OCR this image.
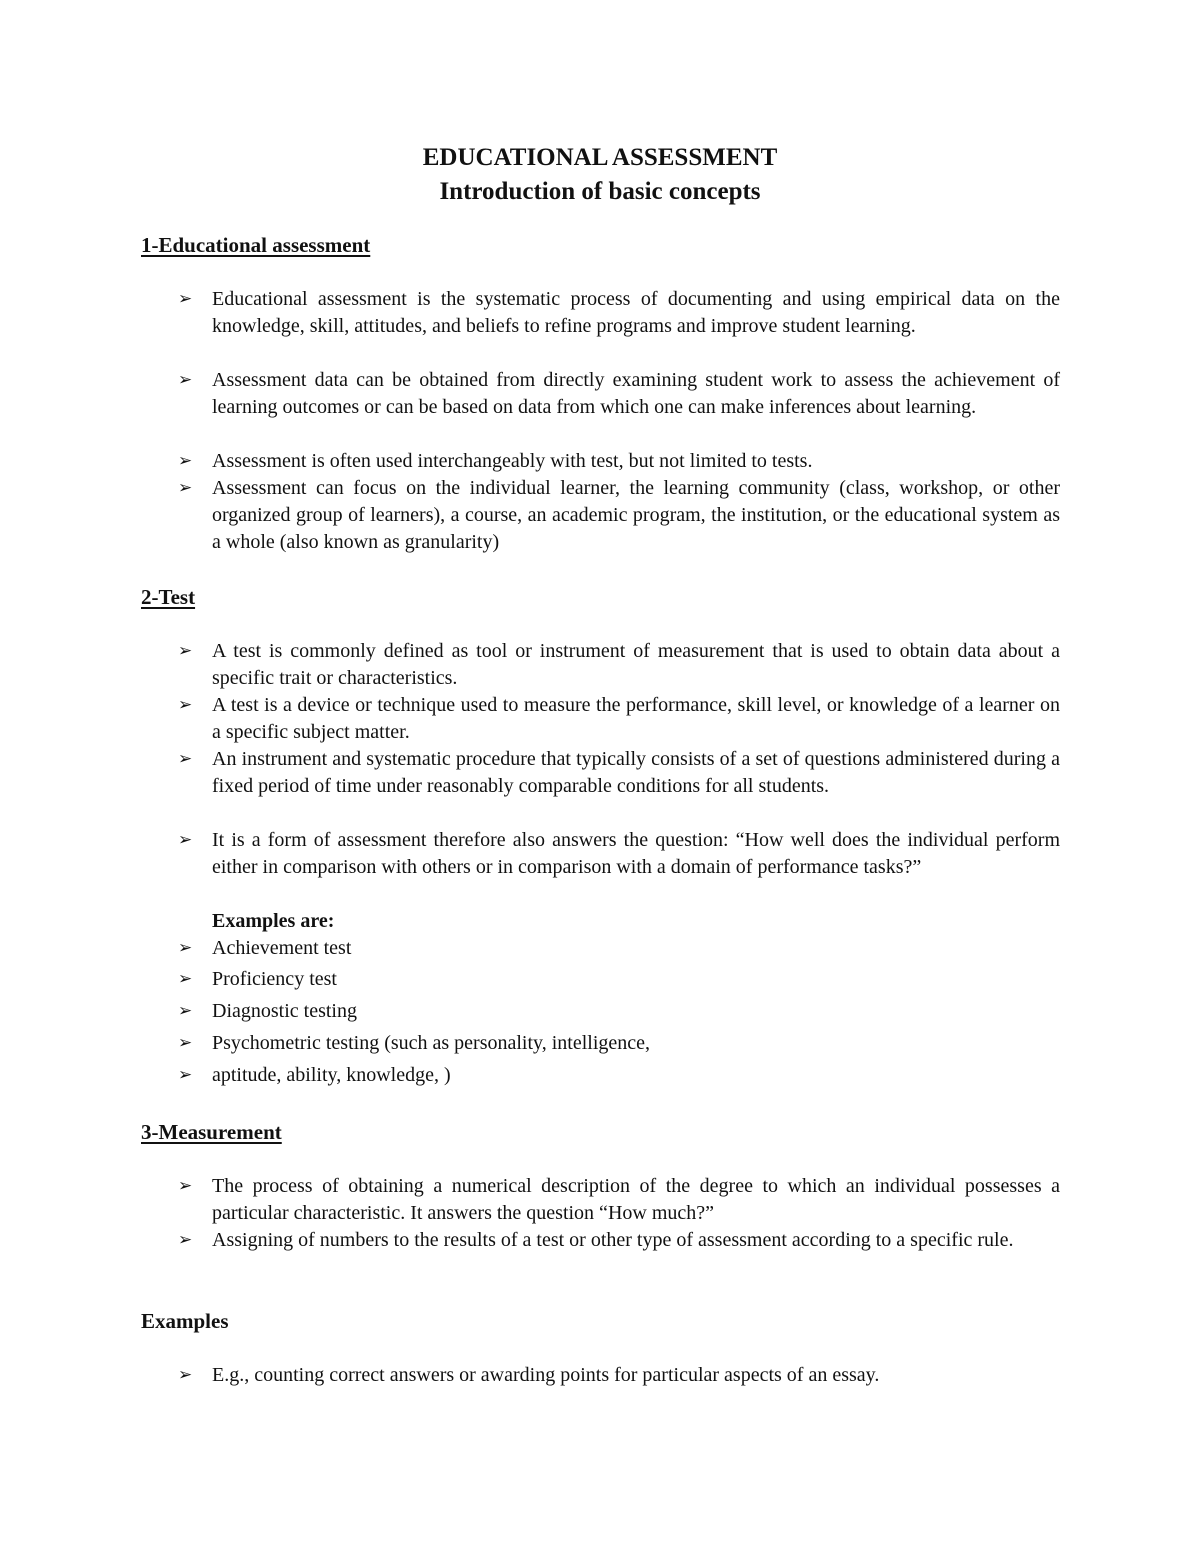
EDUCATIONAL ASSESSMENT
Introduction of basic concepts
1-Educational assessment
➢ Educational assessment is the systematic process of documenting and using empirical data on the knowledge, skill, attitudes, and beliefs to refine programs and improve student learning.
➢ Assessment data can be obtained from directly examining student work to assess the achievement of learning outcomes or can be based on data from which one can make inferences about learning.
➢ Assessment is often used interchangeably with test, but not limited to tests.
➢ Assessment can focus on the individual learner, the learning community (class, workshop, or other organized group of learners), a course, an academic program, the institution, or the educational system as a whole (also known as granularity)
2-Test
➢ A test is commonly defined as tool or instrument of measurement that is used to obtain data about a specific trait or characteristics.
➢ A test is a device or technique used to measure the performance, skill level, or knowledge of a learner on a specific subject matter.
➢ An instrument and systematic procedure that typically consists of a set of questions administered during a fixed period of time under reasonably comparable conditions for all students.
➢ It is a form of assessment therefore also answers the question: “How well does the individual perform either in comparison with others or in comparison with a domain of performance tasks?”
Examples are:
➢ Achievement test
➢ Proficiency test
➢ Diagnostic testing
➢ Psychometric testing (such as personality, intelligence,
➢ aptitude, ability, knowledge, )
3-Measurement
➢ The process of obtaining a numerical description of the degree to which an individual possesses a particular characteristic. It answers the question “How much?”
➢ Assigning of numbers to the results of a test or other type of assessment according to a specific rule.
Examples
➢ E.g., counting correct answers or awarding points for particular aspects of an essay.
